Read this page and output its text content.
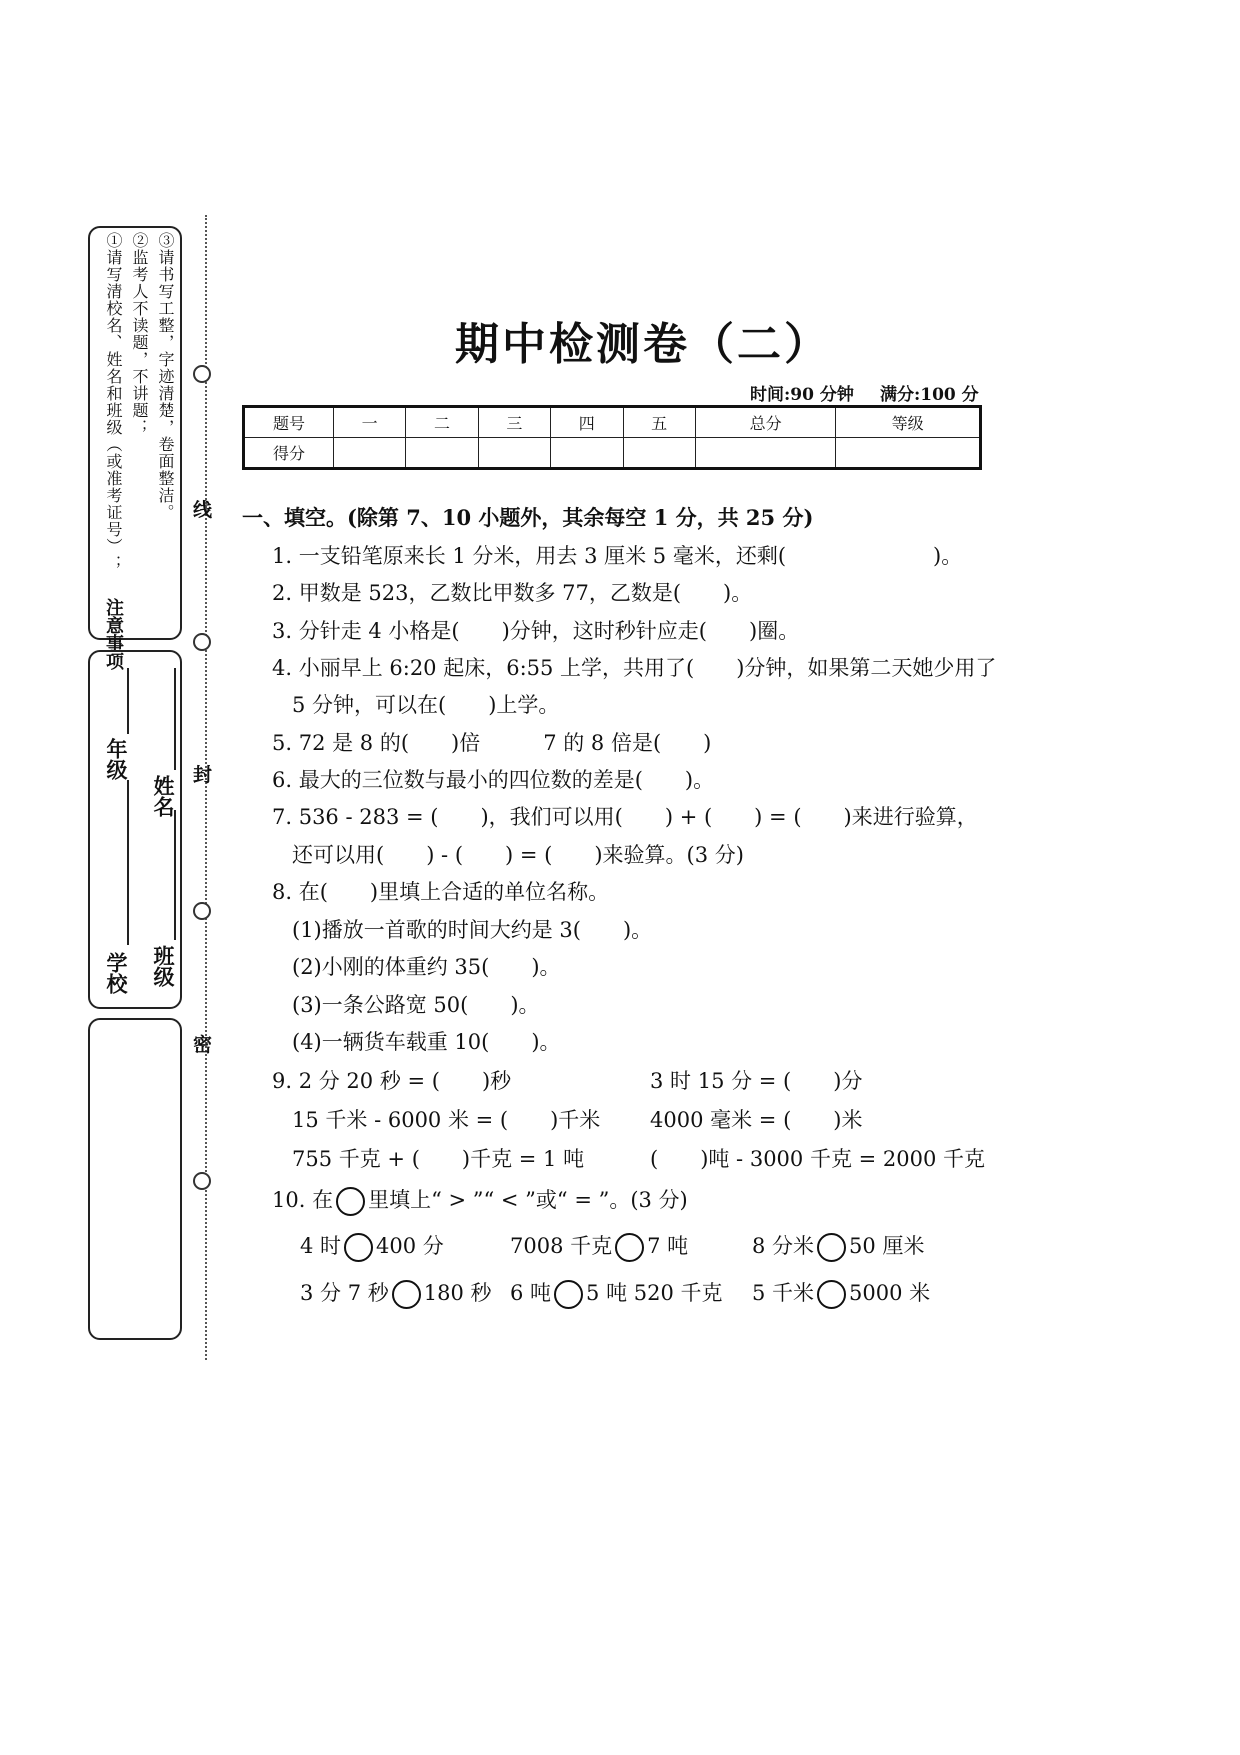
注意事项
①请写清校名、姓名和班级（或准考证号）； ②监考人不读题，不讲题； ③请书写工整，字迹清楚，卷面整洁。
学校
年级
班级
姓名
线
封
密
期中检测卷（二）
时间:90 分钟 满分:100 分
题号	一	二	三	四	五	总分	等级
得分							
一、填空。(除第 7、10 小题外，其余每空 1 分，共 25 分)
1. 一支铅笔原来长 1 分米，用去 3 厘米 5 毫米，还剩(　　　　　　　)。
2. 甲数是 523，乙数比甲数多 77，乙数是(　　)。
3. 分针走 4 小格是(　　)分钟，这时秒针应走(　　)圈。
4. 小丽早上 6:20 起床，6:55 上学，共用了(　　)分钟，如果第二天她少用了
5 分钟，可以在(　　)上学。
5. 72 是 8 的(　　)倍　　　7 的 8 倍是(　　)
6. 最大的三位数与最小的四位数的差是(　　)。
7. 536 - 283 = (　　)，我们可以用(　　) + (　　) = (　　)来进行验算，
还可以用(　　) - (　　) = (　　)来验算。(3 分)
8. 在(　　)里填上合适的单位名称。
(1)播放一首歌的时间大约是 3(　　)。
(2)小刚的体重约 35(　　)。
(3)一条公路宽 50(　　)。
(4)一辆货车载重 10(　　)。
9. 2 分 20 秒 = (　　)秒	3 时 15 分 = (　　)分
15 千米 - 6000 米 = (　　)千米 4000 毫米 = (　　)米
755 千克 + (　　)千克 = 1 吨	(　　)吨 - 3000 千克 = 2000 千克
10. 在 里填上“ > ”“ < ”或“ = ”。(3 分)
4 时 400 分	7008 千克 7 吨	8 分米 50 厘米
3 分 7 秒 180 秒 6 吨 5 吨 520 千克 5 千米 5000 米
